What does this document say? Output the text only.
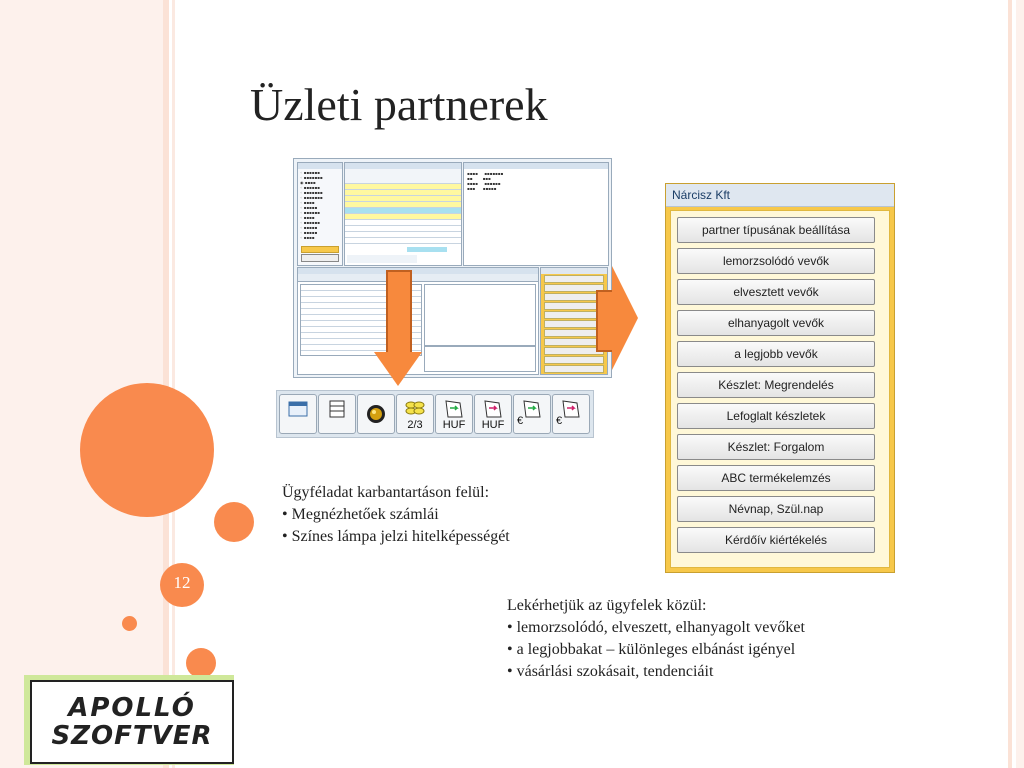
12
Üzleti partnerek
APOLLÓ
SZOFTVER
◦ ▪▪▪▪▪▪
◦ ▪▪▪▪▪▪▪
◉ ▪▪▪▪
◦ ▪▪▪▪▪▪
◦ ▪▪▪▪▪▪▪
◦ ▪▪▪▪▪▪▪
◦ ▪▪▪▪
◦ ▪▪▪▪▪
◦ ▪▪▪▪▪▪
◦ ▪▪▪▪
◦ ▪▪▪▪▪▪
◦ ▪▪▪▪▪
◦ ▪▪▪▪▪
◦ ▪▪▪▪
▪▪▪▪     ▪▪▪▪▪▪▪
▪▪        ▪▪▪
▪▪▪▪     ▪▪▪▪▪▪
▪▪▪      ▪▪▪▪▪
2/3 HUF HUF €	€
Nárcisz Kft
partner típusának beállítása
lemorzsolódó vevők
elvesztett vevők
elhanyagolt vevők
a legjobb vevők
Készlet: Megrendelés
Lefoglalt készletek
Készlet: Forgalom
ABC termékelemzés
Névnap, Szül.nap
Kérdőív kiértékelés
Ügyféladat karbantartáson felül:
• Megnézhetőek számlái
• Színes lámpa jelzi hitelképességét
Lekérhetjük az ügyfelek közül:
• lemorzsolódó, elveszett, elhanyagolt vevőket
• a legjobbakat – különleges elbánást igényel
• vásárlási szokásait, tendenciáit
